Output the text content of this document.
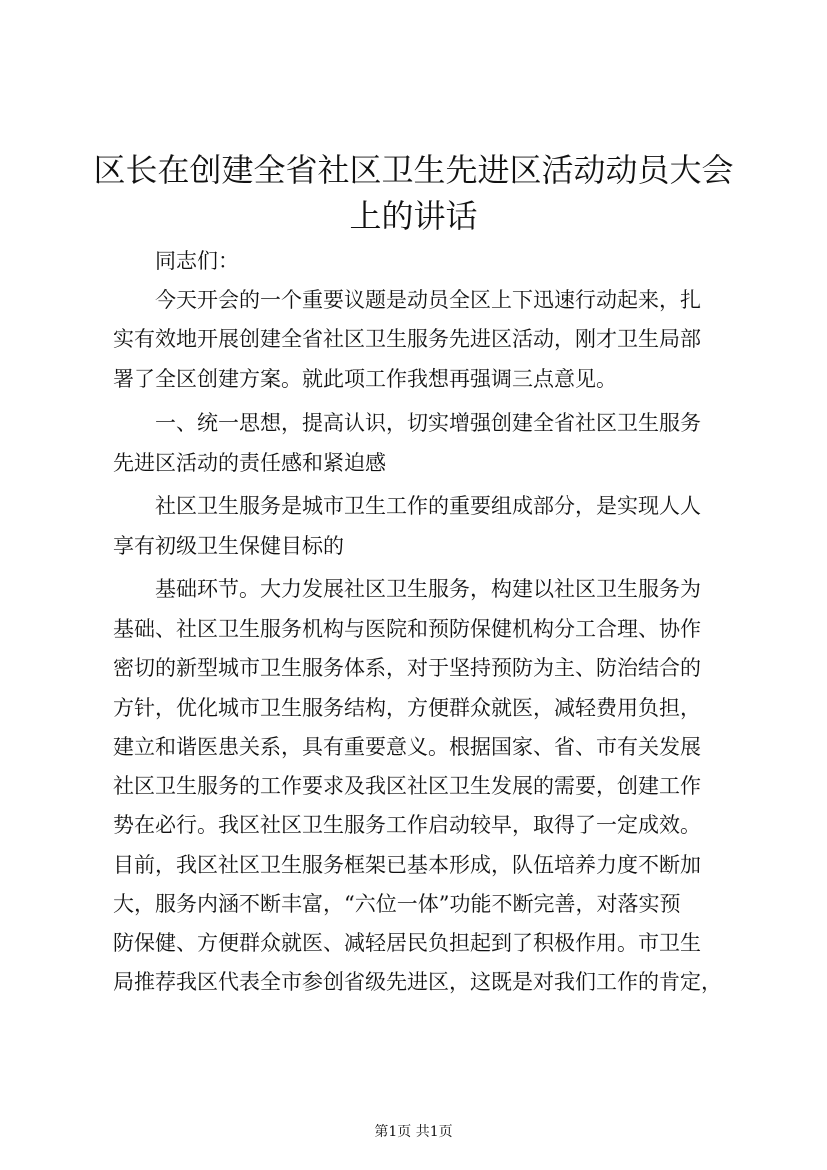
区长在创建全省社区卫生先进区活动动员大会
上的讲话

同志们：

今天开会的一个重要议题是动员全区上下迅速行动起来，扎

实有效地开展创建全省社区卫生服务先进区活动，刚才卫生局部

署了全区创建方案。就此项工作我想再强调三点意见。

一、统一思想，提高认识，切实增强创建全省社区卫生服务

先进区活动的责任感和紧迫感

社区卫生服务是城市卫生工作的重要组成部分，是实现人人

享有初级卫生保健目标的

基础环节。大力发展社区卫生服务，构建以社区卫生服务为

基础、社区卫生服务机构与医院和预防保健机构分工合理、协作

密切的新型城市卫生服务体系，对于坚持预防为主、防治结合的

方针，优化城市卫生服务结构，方便群众就医，减轻费用负担，

建立和谐医患关系，具有重要意义。根据国家、省、市有关发展

社区卫生服务的工作要求及我区社区卫生发展的需要，创建工作

势在必行。我区社区卫生服务工作启动较早，取得了一定成效。

目前，我区社区卫生服务框架已基本形成，队伍培养力度不断加

大，服务内涵不断丰富，“六位一体”功能不断完善，对落实预

防保健、方便群众就医、减轻居民负担起到了积极作用。市卫生

局推荐我区代表全市参创省级先进区，这既是对我们工作的肯定，

第1页 共1页
